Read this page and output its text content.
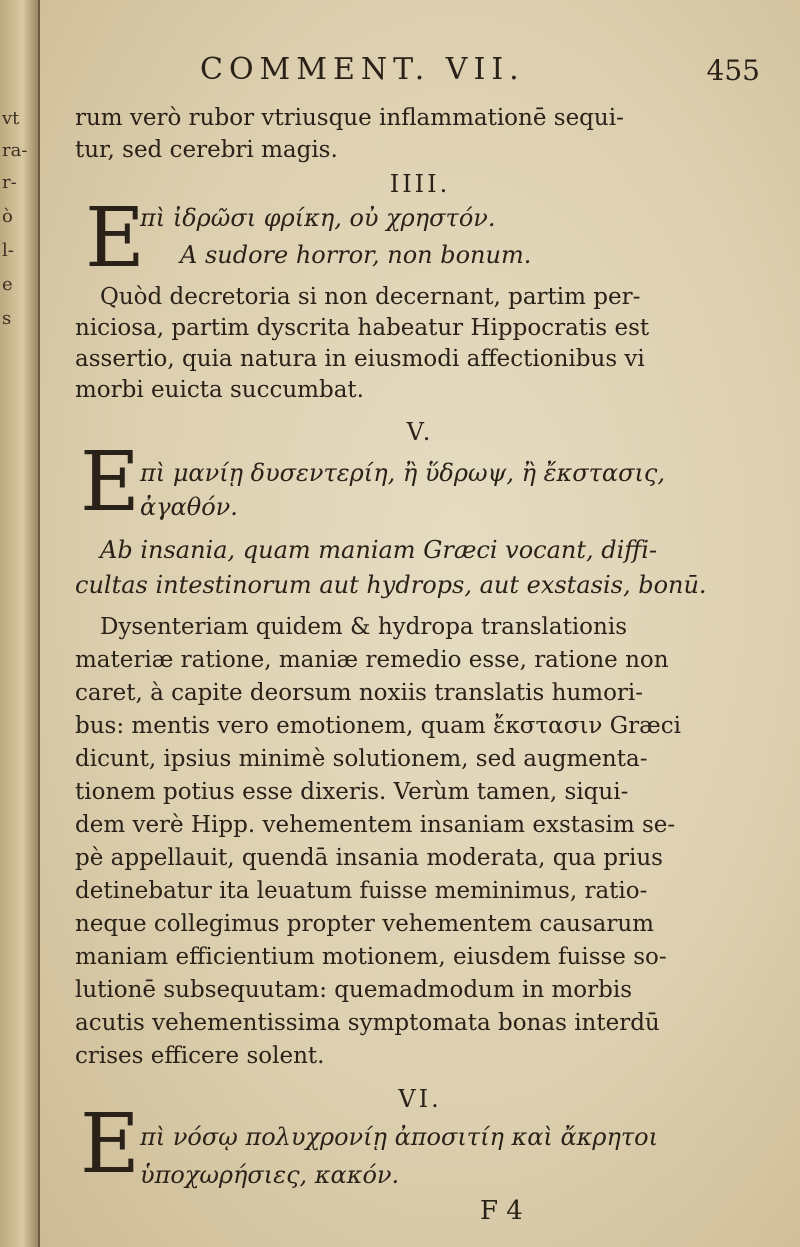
vt
ra-
r-
ò
l-
e
s
COMMENT. VII.	455
rum verò rubor vtriusque inflammationē sequi-
tur, sed cerebri magis.
IIII.
E
πὶ ἰδρῶσι φρίκη, οὐ χρηστόν.
A sudore horror, non bonum.
Quòd decretoria si non decernant, partim per-
niciosa, partim dyscrita habeatur Hippocratis est
assertio, quia natura in eiusmodi affectionibus vi
morbi euicta succumbat.
V.
E πὶ μανίῃ δυσεντερίη, ἢ ὕδρωψ, ἢ ἔκστασις,
ἀγαθόν.
Ab insania, quam maniam Græci vocant, diffi-
cultas intestinorum aut hydrops, aut exstasis, bonū.
Dysenteriam quidem & hydropa translationis
materiæ ratione, maniæ remedio esse, ratione non
caret, à capite deorsum noxiis translatis humori-
bus: mentis vero emotionem, quam ἔκστασιν Græci
dicunt, ipsius minimè solutionem, sed augmenta-
tionem potius esse dixeris. Verùm tamen, siqui-
dem verè Hipp. vehementem insaniam exstasim se-
pè appellauit, quendā insania moderata, qua prius
detinebatur ita leuatum fuisse meminimus, ratio-
neque collegimus propter vehementem causarum
maniam efficientium motionem, eiusdem fuisse so-
lutionē subsequutam: quemadmodum in morbis
acutis vehementissima symptomata bonas interdū
crises efficere solent.
VI.
E πὶ νόσῳ πολυχρονίῃ ἀποσιτίη καὶ ἄκρητοι
ὑποχωρήσιες, κακόν.
F 4
